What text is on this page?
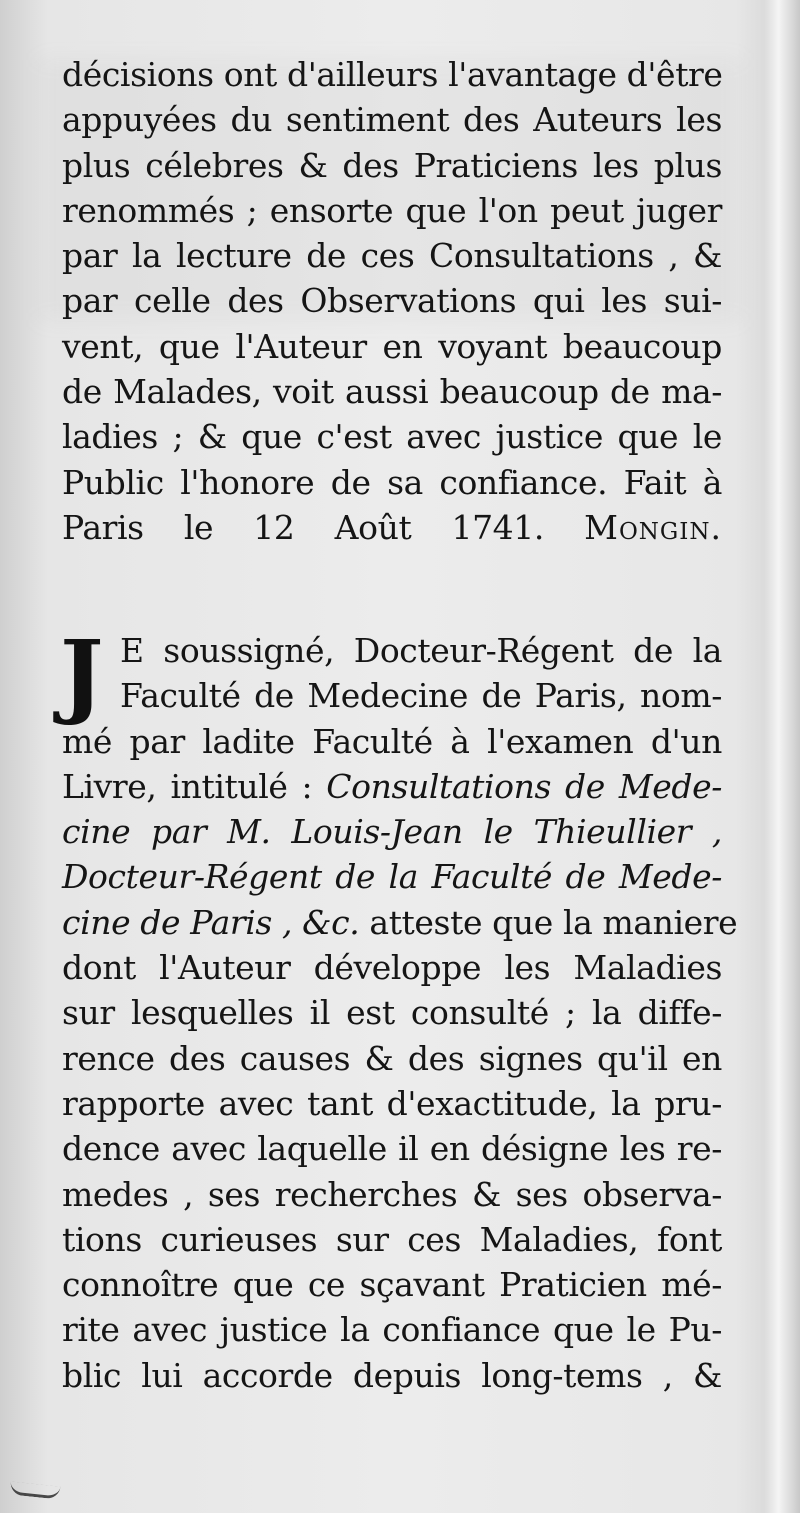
décisions ont d'ailleurs l'avantage d'être
appuyées du sentiment des Auteurs les
plus célebres & des Praticiens les plus
renommés ; ensorte que l'on peut juger
par la lecture de ces Consultations , &
par celle des Observations qui les sui-
vent, que l'Auteur en voyant beaucoup
de Malades, voit aussi beaucoup de ma-
ladies ; & que c'est avec justice que le
Public l'honore de sa confiance. Fait à
Paris le 12 Août 1741. Mongin.
J E soussigné, Docteur-Régent de la
Faculté de Medecine de Paris, nom-
mé par ladite Faculté à l'examen d'un
Livre, intitulé : Consultations de Mede-
cine par M. Louis-Jean le Thieullier ,
Docteur-Régent de la Faculté de Mede-
cine de Paris , &c. atteste que la maniere
dont l'Auteur développe les Maladies
sur lesquelles il est consulté ; la diffe-
rence des causes & des signes qu'il en
rapporte avec tant d'exactitude, la pru-
dence avec laquelle il en désigne les re-
medes , ses recherches & ses observa-
tions curieuses sur ces Maladies, font
connoître que ce sçavant Praticien mé-
rite avec justice la confiance que le Pu-
blic lui accorde depuis long-tems , &
